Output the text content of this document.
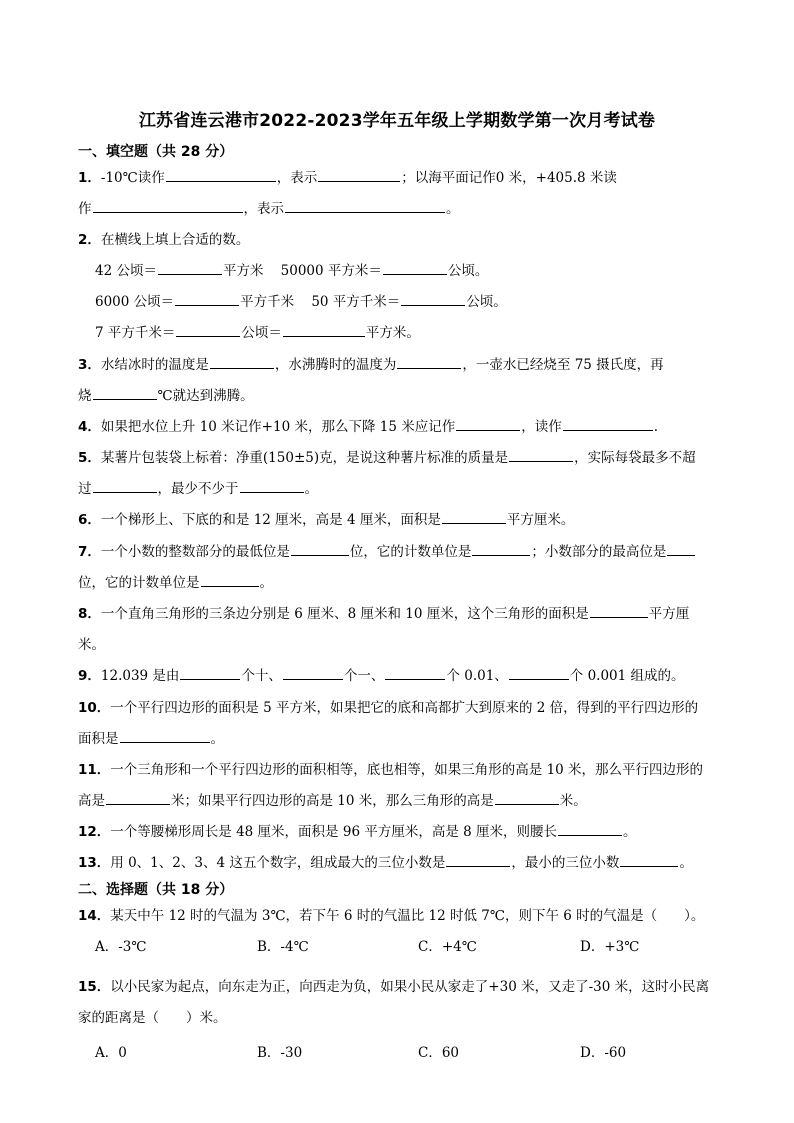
江苏省连云港市2022-2023学年五年级上学期数学第一次月考试卷
一、填空题（共 28 分）
1．-10℃读作	，表示	；以海平面记作0 米，+405.8 米读
作	，表示	。
2．在横线上填上合适的数。
42 公顷＝	平方米 50000 平方米＝	公顷。
6000 公顷＝	平方千米 50 平方千米＝	公顷。
7 平方千米＝	公顷＝	平方米。
3．水结冰时的温度是	，水沸腾时的温度为	，一壶水已经烧至 75 摄氏度，再
烧	℃就达到沸腾。
4．如果把水位上升 10 米记作+10 米，那么下降 15 米应记作	，读作	.
5．某薯片包装袋上标着：净重(150±5)克，是说这种薯片标准的质量是	，实际每袋最多不超
过	，最少不少于	。
6．一个梯形上、下底的和是 12 厘米，高是 4 厘米，面积是	平方厘米。
7．一个小数的整数部分的最低位是	位，它的计数单位是	；小数部分的最高位是
位，它的计数单位是	。
8．一个直角三角形的三条边分别是 6 厘米、8 厘米和 10 厘米，这个三角形的面积是	平方厘
米。
9．12.039 是由	个十、	个一、	个 0.01、	个 0.001 组成的。
10．一个平行四边形的面积是 5 平方米，如果把它的底和高都扩大到原来的 2 倍，得到的平行四边形的
面积是	。
11．一个三角形和一个平行四边形的面积相等，底也相等，如果三角形的高是 10 米，那么平行四边形的
高是	米；如果平行四边形的高是 10 米，那么三角形的高是	米。
12．一个等腰梯形周长是 48 厘米，面积是 96 平方厘米，高是 8 厘米，则腰长	。
13．用 0、1、2、3、4 这五个数字，组成最大的三位小数是	，最小的三位小数	。
二、选择题（共 18 分）
14．某天中午 12 时的气温为 3℃，若下午 6 时的气温比 12 时低 7℃，则下午 6 时的气温是（　　）。
A．-3℃	B．-4℃	C．+4℃	D．+3℃
15．以小民家为起点，向东走为正，向西走为负，如果小民从家走了+30 米，又走了-30 米，这时小民离
家的距离是（　　）米。
A．0	B．-30	C．60	D．-60
